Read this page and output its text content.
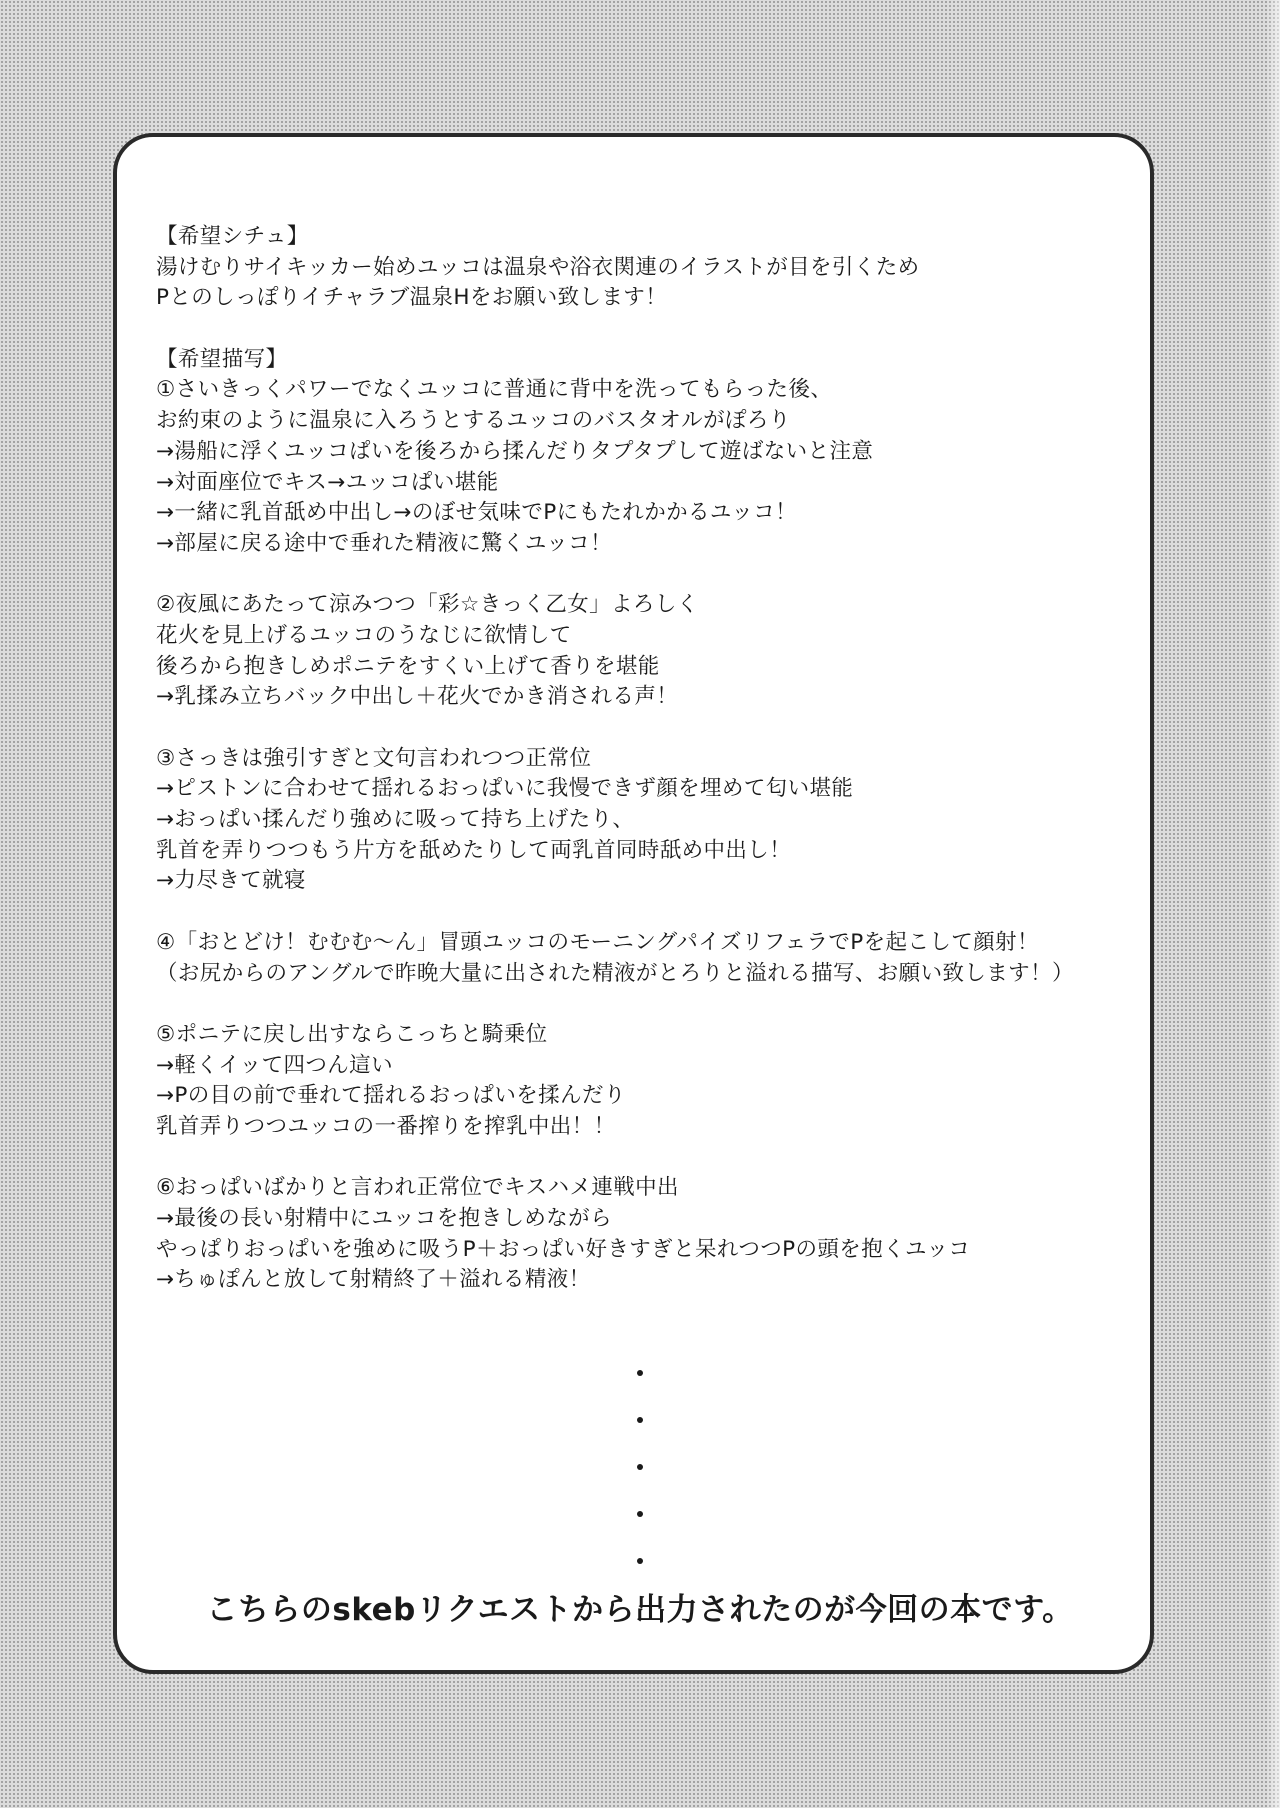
【希望シチュ】
湯けむりサイキッカー始めユッコは温泉や浴衣関連のイラストが目を引くため
Pとのしっぽりイチャラブ温泉Hをお願い致します！
【希望描写】
①さいきっくパワーでなくユッコに普通に背中を洗ってもらった後、
お約束のように温泉に入ろうとするユッコのバスタオルがぽろり
→湯船に浮くユッコぱいを後ろから揉んだりタプタプして遊ばないと注意
→対面座位でキス→ユッコぱい堪能
→一緒に乳首舐め中出し→のぼせ気味でPにもたれかかるユッコ！
→部屋に戻る途中で垂れた精液に驚くユッコ！
②夜風にあたって涼みつつ「彩☆きっく乙女」よろしく
花火を見上げるユッコのうなじに欲情して
後ろから抱きしめポニテをすくい上げて香りを堪能
→乳揉み立ちバック中出し＋花火でかき消される声！
③さっきは強引すぎと文句言われつつ正常位
→ピストンに合わせて揺れるおっぱいに我慢できず顔を埋めて匂い堪能
→おっぱい揉んだり強めに吸って持ち上げたり、
乳首を弄りつつもう片方を舐めたりして両乳首同時舐め中出し！
→力尽きて就寝
④「おとどけ！むむむ～ん」冒頭ユッコのモーニングパイズリフェラでPを起こして顔射！
（お尻からのアングルで昨晩大量に出された精液がとろりと溢れる描写、お願い致します！）
⑤ポニテに戻し出すならこっちと騎乗位
→軽くイッて四つん這い
→Pの目の前で垂れて揺れるおっぱいを揉んだり
乳首弄りつつユッコの一番搾りを搾乳中出！！
⑥おっぱいばかりと言われ正常位でキスハメ連戦中出
→最後の長い射精中にユッコを抱きしめながら
やっぱりおっぱいを強めに吸うP＋おっぱい好きすぎと呆れつつPの頭を抱くユッコ
→ちゅぽんと放して射精終了＋溢れる精液！
こちらのskebリクエストから出力されたのが今回の本です。
